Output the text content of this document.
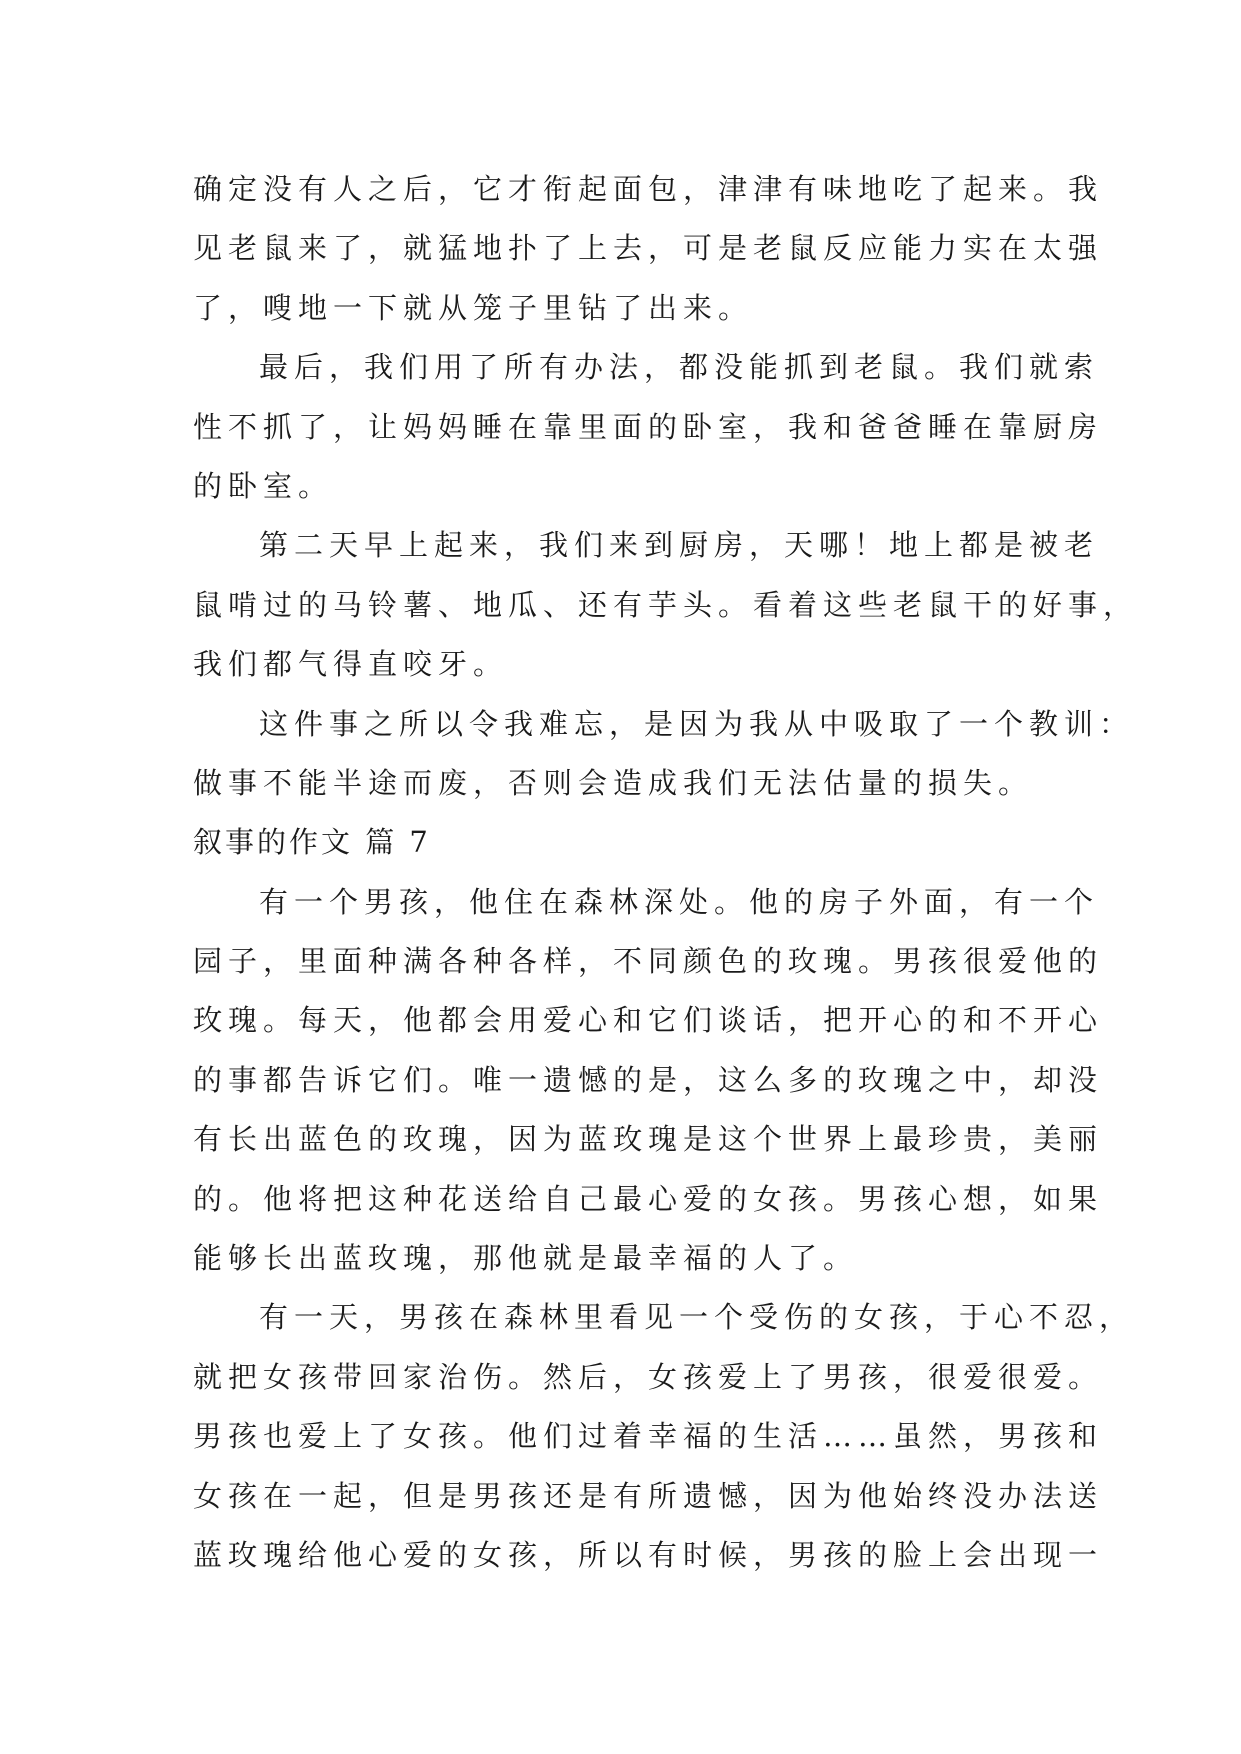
确定没有人之后，它才衔起面包，津津有味地吃了起来。我
见老鼠来了，就猛地扑了上去，可是老鼠反应能力实在太强
了，嗖地一下就从笼子里钻了出来。
最后，我们用了所有办法，都没能抓到老鼠。我们就索
性不抓了，让妈妈睡在靠里面的卧室，我和爸爸睡在靠厨房
的卧室。
第二天早上起来，我们来到厨房，天哪！地上都是被老
鼠啃过的马铃薯、地瓜、还有芋头。看着这些老鼠干的好事，
我们都气得直咬牙。
这件事之所以令我难忘，是因为我从中吸取了一个教训：
做事不能半途而废，否则会造成我们无法估量的损失。
叙事的作文 篇 7
有一个男孩，他住在森林深处。他的房子外面，有一个
园子，里面种满各种各样，不同颜色的玫瑰。男孩很爱他的
玫瑰。每天，他都会用爱心和它们谈话，把开心的和不开心
的事都告诉它们。唯一遗憾的是，这么多的玫瑰之中，却没
有长出蓝色的玫瑰，因为蓝玫瑰是这个世界上最珍贵，美丽
的。他将把这种花送给自己最心爱的女孩。男孩心想，如果
能够长出蓝玫瑰，那他就是最幸福的人了。
有一天，男孩在森林里看见一个受伤的女孩，于心不忍，
就把女孩带回家治伤。然后，女孩爱上了男孩，很爱很爱。
男孩也爱上了女孩。他们过着幸福的生活……虽然，男孩和
女孩在一起，但是男孩还是有所遗憾，因为他始终没办法送
蓝玫瑰给他心爱的女孩，所以有时候，男孩的脸上会出现一
